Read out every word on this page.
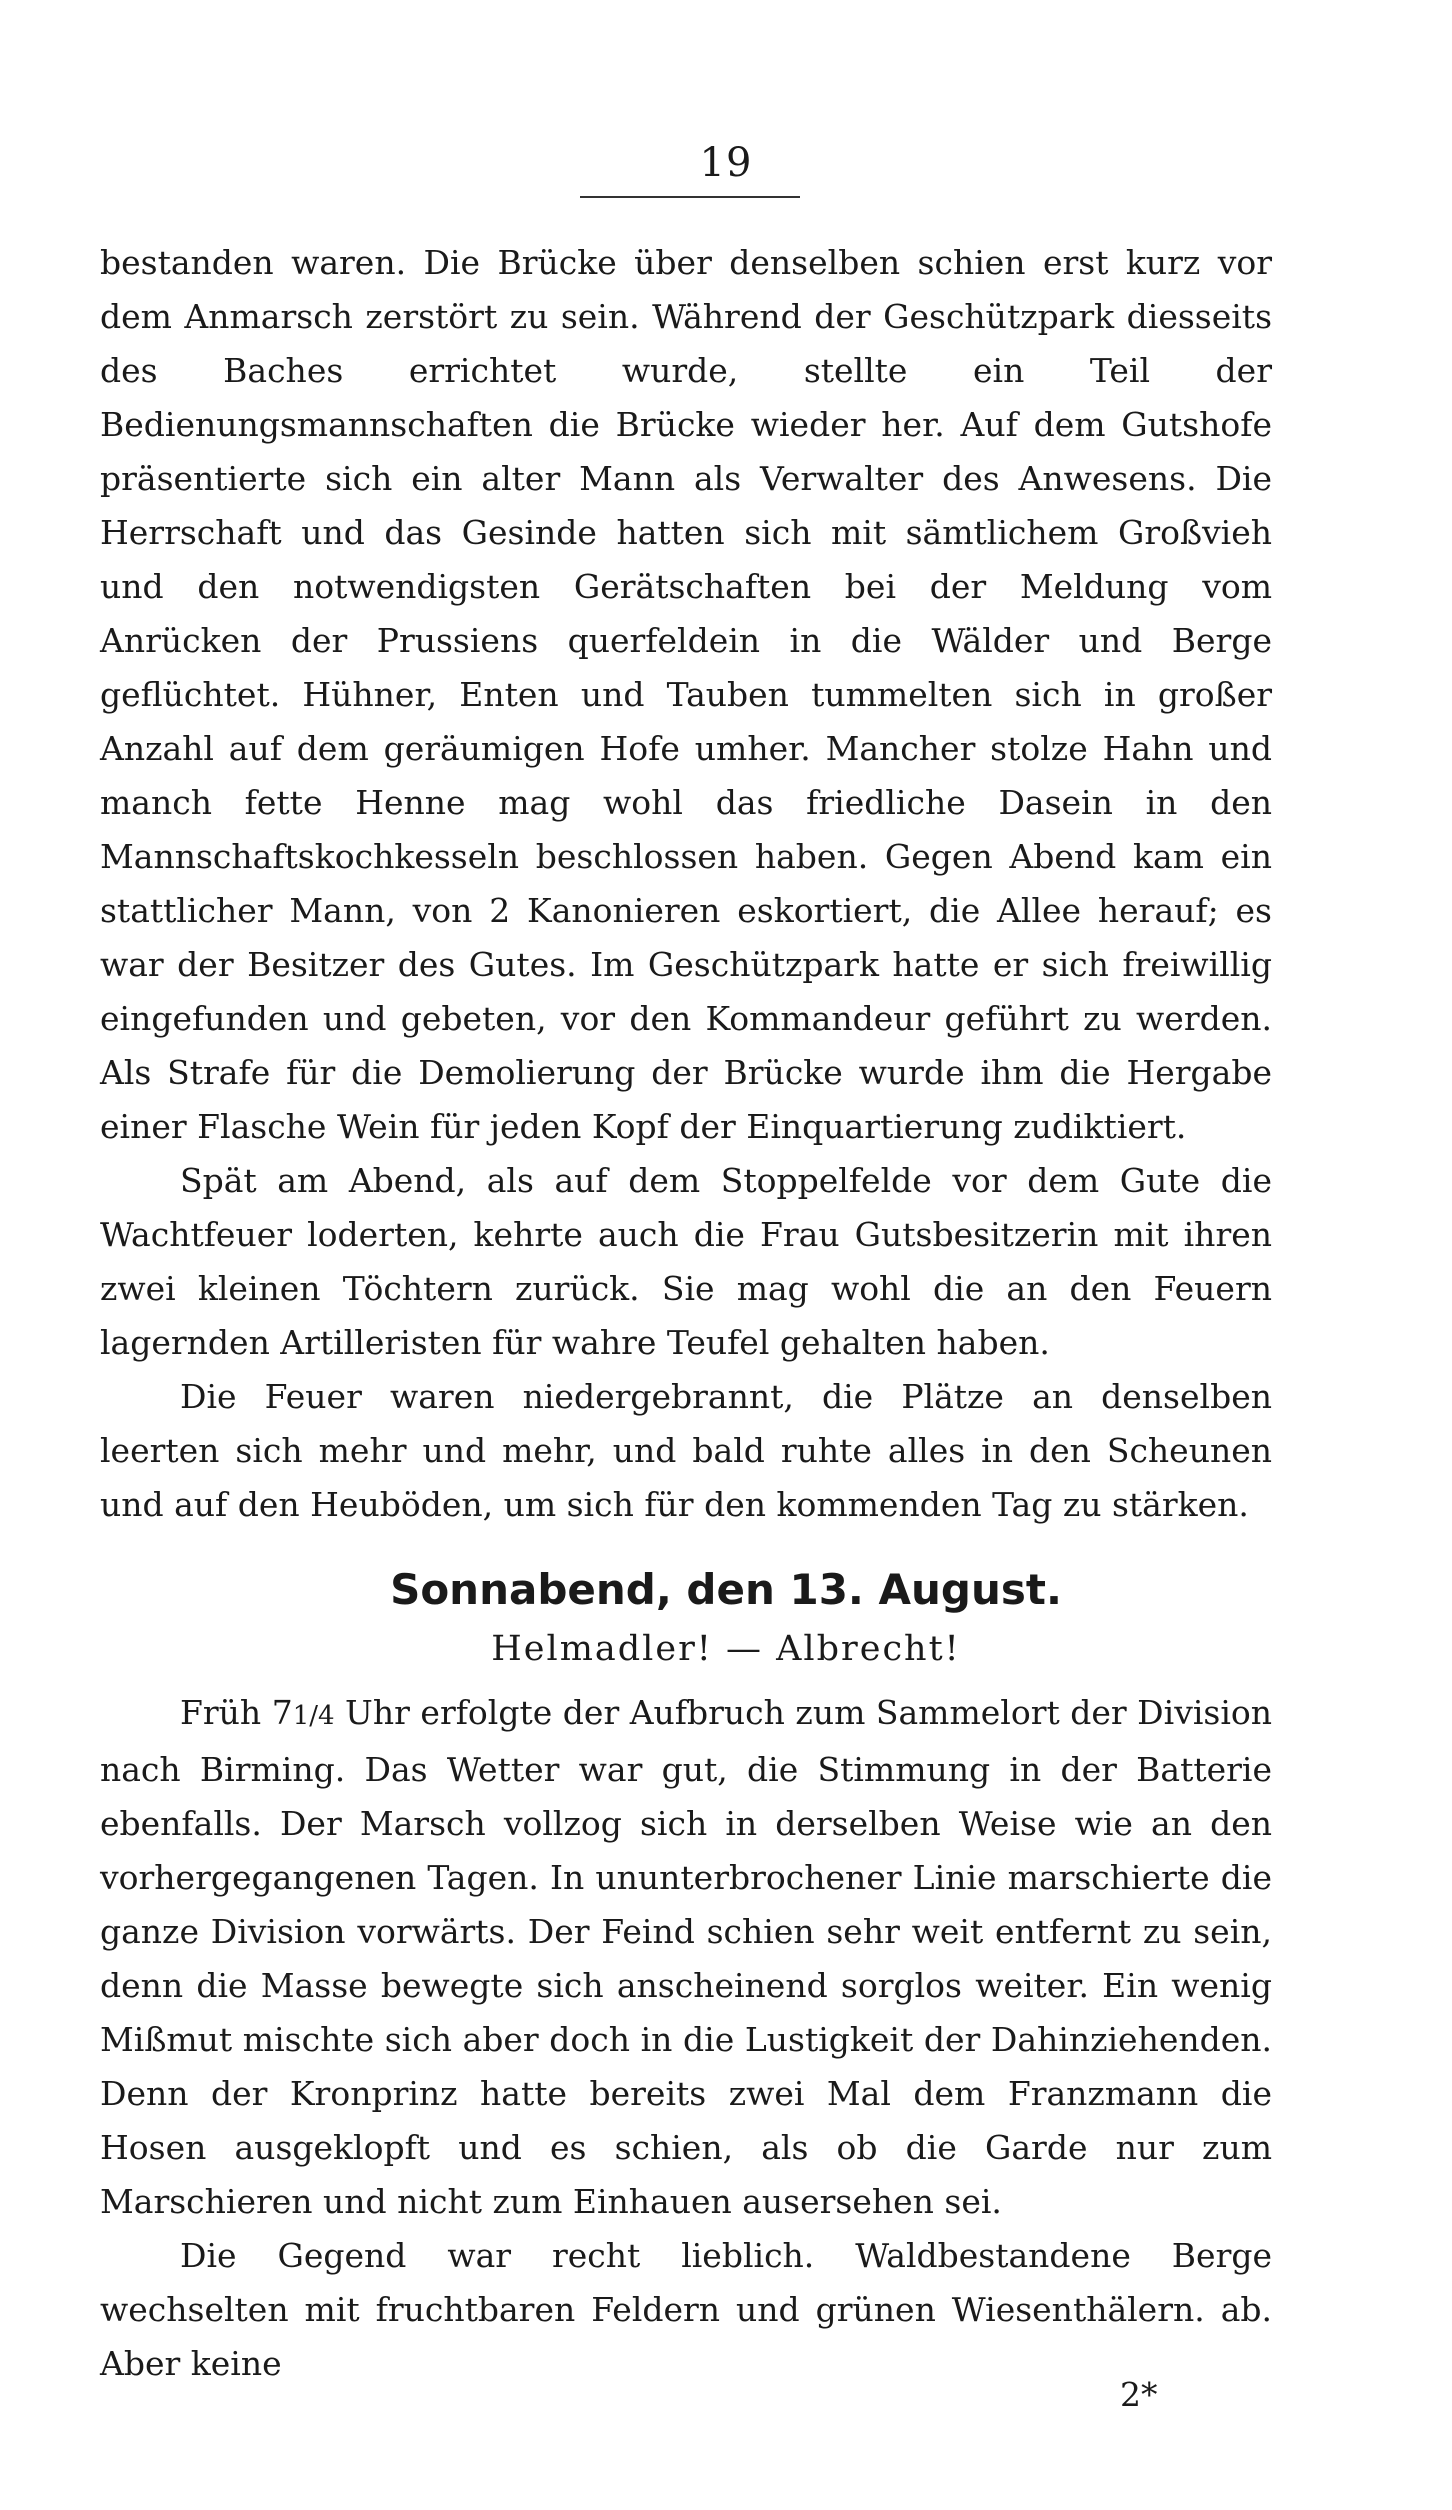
19

bestanden waren. Die Brücke über denselben schien erst kurz vor dem Anmarsch zerstört zu sein. Während der Geschützpark diesseits des Baches errichtet wurde, stellte ein Teil der Bedienungsmannschaften die Brücke wieder her. Auf dem Gutshofe präsentierte sich ein alter Mann als Verwalter des Anwesens. Die Herrschaft und das Gesinde hatten sich mit sämtlichem Großvieh und den notwendigsten Gerätschaften bei der Meldung vom Anrücken der Prussiens querfeldein in die Wälder und Berge geflüchtet. Hühner, Enten und Tauben tummelten sich in großer Anzahl auf dem geräumigen Hofe umher. Mancher stolze Hahn und manch fette Henne mag wohl das friedliche Dasein in den Mannschaftskochkesseln beschlossen haben. Gegen Abend kam ein stattlicher Mann, von 2 Kanonieren eskortiert, die Allee herauf; es war der Besitzer des Gutes. Im Geschützpark hatte er sich freiwillig eingefunden und gebeten, vor den Kommandeur geführt zu werden. Als Strafe für die Demolierung der Brücke wurde ihm die Hergabe einer Flasche Wein für jeden Kopf der Einquartierung zudiktiert.

Spät am Abend, als auf dem Stoppelfelde vor dem Gute die Wachtfeuer loderten, kehrte auch die Frau Gutsbesitzerin mit ihren zwei kleinen Töchtern zurück. Sie mag wohl die an den Feuern lagernden Artilleristen für wahre Teufel gehalten haben.

Die Feuer waren niedergebrannt, die Plätze an denselben leerten sich mehr und mehr, und bald ruhte alles in den Scheunen und auf den Heuböden, um sich für den kommenden Tag zu stärken.

Sonnabend, den 13. August.
Helmadler! — Albrecht!

Früh 71/4 Uhr erfolgte der Aufbruch zum Sammelort der Division nach Birming. Das Wetter war gut, die Stimmung in der Batterie ebenfalls. Der Marsch vollzog sich in derselben Weise wie an den vorhergegangenen Tagen. In ununterbrochener Linie marschierte die ganze Division vorwärts. Der Feind schien sehr weit entfernt zu sein, denn die Masse bewegte sich anscheinend sorglos weiter. Ein wenig Mißmut mischte sich aber doch in die Lustigkeit der Dahinziehenden. Denn der Kronprinz hatte bereits zwei Mal dem Franzmann die Hosen ausgeklopft und es schien, als ob die Garde nur zum Marschieren und nicht zum Einhauen ausersehen sei.

Die Gegend war recht lieblich. Waldbestandene Berge wechselten mit fruchtbaren Feldern und grünen Wiesenthälern. ab. Aber keine

2*
